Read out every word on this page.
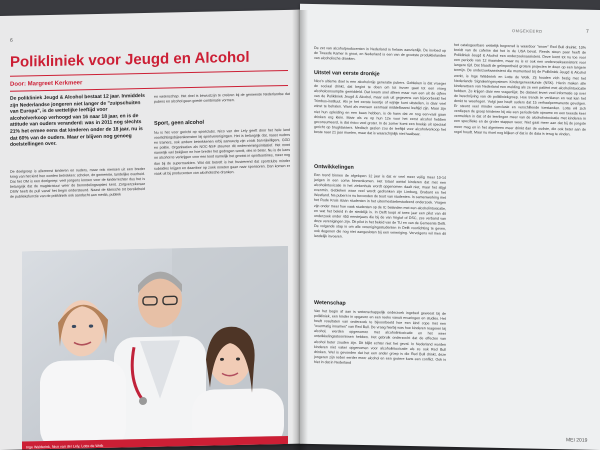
6
Polikliniek voor Jeugd en Alcohol
Door: Margreet Kerkmeer
De polikliniek Jeugd & Alcohol bestaat 12 jaar. Inmiddels zijn Nederlandse jongeren niet langer de "zuipschuiten van Europa", is de wettelijke leeftijd voor alcoholverkoop verhoogd van 16 naar 18 jaar, en is de attitude van ouders veranderd: was in 2011 nog slechts 21% het ermee eens dat kinderen onder de 18 jaar, nu is dat 60% van de ouders. Maar er blijven nog genoeg doelstellingen over.
De doelgroep is allereerst kinderen en ouders, maar ook mensen uit een breder kring van het kind hen worden betrokken: scholen, de gemeente, landelijke overheid. Dat het OM is een doelgroep: veel jongens komen voor de kinderrechter dus het is belangrijk dat de magistratuur weer de beoordelingsopties kent. Zorgverzekeraar DSW heeft de pull vanaf het begin ondersteund. Naast de klinische tot bereiktheid de publieksfunctie van de polikliniek ook aandacht aan media, publiek
en wetenschap. Het doel is bewustzijn te creëren bij de gemeente Nederlandse dat pubers en alcohol geen goede combinatie vormen.
Sport, geen alcohol
Nu is het voor gericht op sportclubs. Nico van der Lely geeft door het hele land voorlichtingsbijeenkomsten bij sportverenigingen. Het is belangrijk dat, naast ouders en trainers, ook andere betrokkenen erbij aanwezig zijn zoals barvrijwilligers, GGD en politie. Organisaties als NOC-NSF steunen dit ondernemingsinitiatief. Het moet namelijk wel bekijken en hoe breder het gedragen wordt, des te beter. Nu is de kans on alcohol te verkrijgen voor een kind namelijk het grootst in sportkantines, meer nog dan bij de supermarkten. Wat dat betreft is het frustrerend dat sportclubs minder subsidies krijgen en daardoor op zoek moeten gaan naar sponsoren. Dan komen er vaak uit bij producenten van alcoholische dranken.
Inge Walderink, Nico van der Lely, Lotte de Wolk
OMGEKEERD	7
De zet van alcoholproducenten in Nederland is helaas aanzienlijk. De invloed op de Tweede Kamer is groot, en Nederland is een van de grootste produktielanden van alcoholische dranken.
Uitstel van eerste dronkje
Nico's ultieme doel is een alcoholvrije generatie pubers. Gebleken is dat vroeger de sociaal drinkt, dat begint te doen om tot invoer gaat tot een vroeg alcoholconsumptie gemiddeld. Dat kwam snel alleen maar van een uit de cijfers van de Polikliniek Jeugd & Alcohol, maar ook uit gegevens van bijvoorbeeld het Trimbos-instituut. Als je het eerste keertje of wijntje kunt uitstellen, is daar veel winst te behalen. Want als mensen eenmaal middelbaarst leeftijd zijn. Maar zijn niet hun opleiding en een baan hebben, is de kans dat ze nog een-vaal gaan drinken erg klein. Maar als ze op hun 12e voor het eerst alcohol hebben geconsumeerd, is dat risico veel groter. In de zomer komt een boekje uit speciaal gericht op brugklassers. Medisch gezien zou de leeftijd voor alcoholverkoop het beste naar 21 jaar moeten, maar dat is waarschijnlijk niet haalbaar.
Ontwikkelingen
Een trend binnen de afgelopen 12 jaar is dat er veel meer veilig meer 10-14 jarigen in een coma binnenkomen. Het totaal aantal kinderen dat met een alcoholintoxicatie in het ziekenhuis wordt opgenomen daalt niet, maar het stijgt evenmin. Gebleken waar veel wordt gedronken zijn Limburg, Brabant en het Westland. Na pubers is nu bevonden de teurt van studenten. In samenwerking met het Rode Kruis staan studenten in het uitermestaebestudeerd onderzoek. Vragen zijn onder meer hoe vaak studenten op de IC belanden met een alcoholintoxicatie, en wat het beleid in de stedelijk is. In Delft loopt al twee jaar een pilot van dit onderzoek onder 450 eerstejaars die bij de van Vrigtof of DSC, zes verband van deze verenigingen zijn. Dit pilot in het beleid van de TU en van de Gemeente Delft. De volgende stap is om alle verenigingsstudenten in Delft voorlichting te geven, ook degenen die nog niet aangesloten bij een vereniging. Vervolgens wil men dit landelijk invoeren.
Wetenschap
Van het begin af aan is wetenschappelijk onderzoek ingebed geweest bij de polikliniek, een kinder in opgaven en een reeks vanuit ervaringen en studies. Het heeft resultaten van onderzoek te bijvoorbeeld hoe een kind cope met een "overmatig innames" van Red Bull. De vraag hierbij was hoe kinderen reageren bij alcohol, werden opgenomen met alcoholintoxicatie en het weer ontwikkelingsstoornissen hebben. Het gebruik onderzocht dat de effecten van alcohol beter zouden zijn. Dit blijkt echter niet het geval. In Nederland worden kinderen niet vaker opgenomen voor alcoholintoxicatie als ze ook Red Bull drinken. Wel is gevonden dat het een ander groep is die Red Bull drinkt, deze jongeren zijn reden eerder meer alcohol en een grotere kans een conflict. Ook is hiet in dat in Nederland
het catalogeerbare wettelijk begrensd is waardoor "snoer" Red Bull dreinkt. 10% breidt van de cafeïne dat het in de USA bevat. Reeds steen paar heeft de Polikliniek Jeugd & Alcohol een onderzoeksassistent. Deze komt tot nu toe voor een periode van 12 maanden, maar nu is er ook een onderzoeksassistent voor langere tijd. Dat blaadt de geïmpertheid grotere projecten te doen op een langere termijn. De onderzoeksassistent die momenteel bij de Polikliniek Jeugd & Alcohol werkt, is Inge Walderink en Lotte de Wolk. Zij houden zich bezig met het Nederlands Signaleringssysteem Kindergeneeskunde (NSK). Hierin maken alle kinderartsen van Nederland een melding als ze een patiënt met alcoholintoxicatie hebben. Ze krijgen daar een vragenlijst. De dataset levert veel informatie op over de beschrijving van de polikliniekgroep. Hoe trends te verklaren en wat kan het denkt te weerlegen. Volgt jaar heeft ouders dat 15 verhaalpermanente gevolgen. Er steunt veel minder conclusie en verschillende toestanden. Lotte wil zich verdiepen de groep kinderen bij wie een periode-tale opname en een tweede keer vermelden in dat of de leerlingen meer van de alcoholintoxicatie met kinderen in een specifieke en de groter stappen weer. Niet gaat meer aan dat bij de jongste meer mag en in het algemeen meer drinkt dan de oudste, die ook beter aan de regel houdt. Maar nu moet nog blijken of dat in de data is terug te vinden.
MEI 2019
